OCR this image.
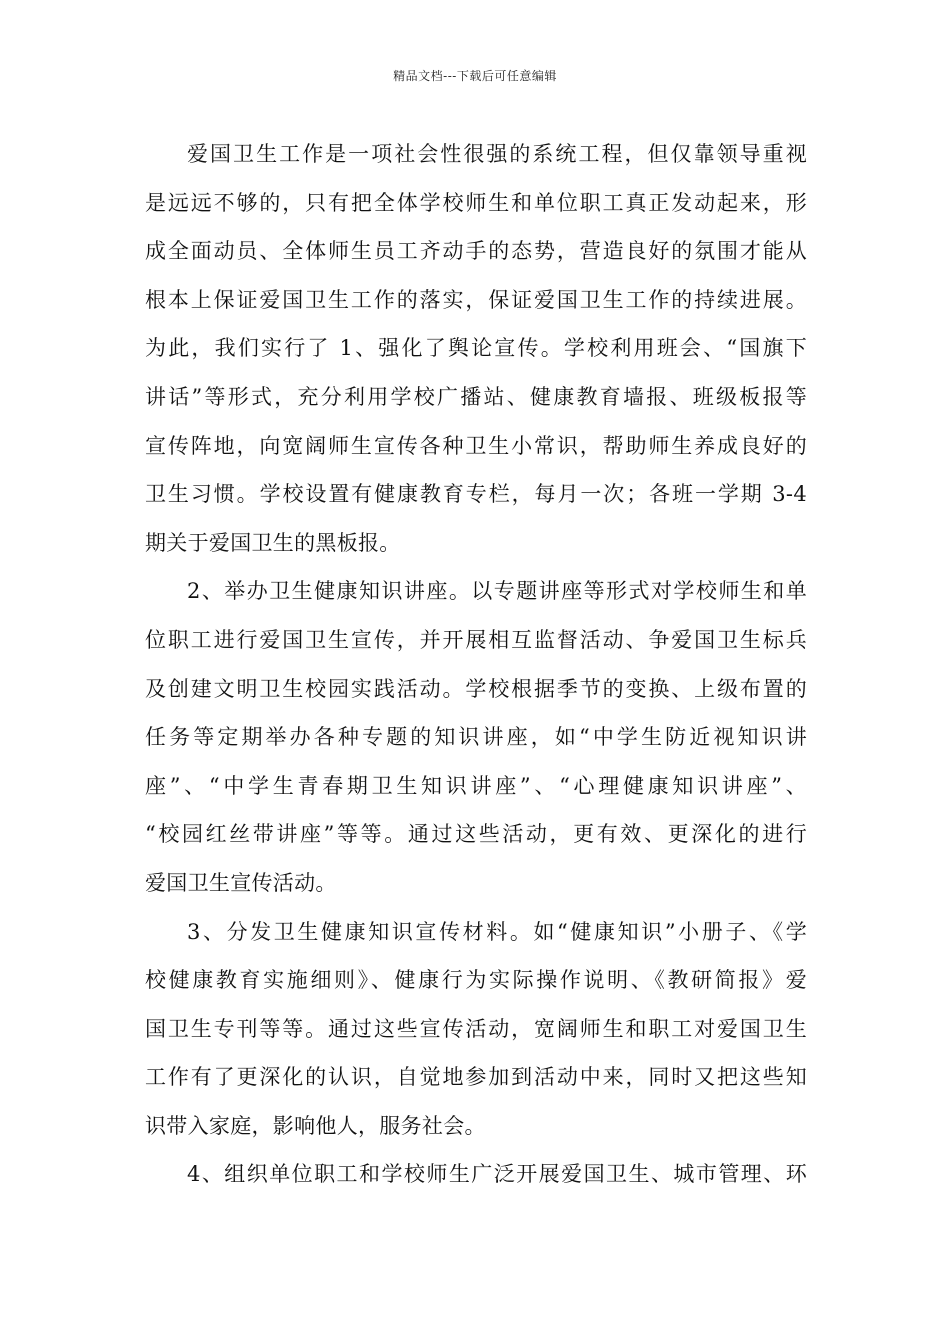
精品文档---下载后可任意编辑
爱国卫生工作是一项社会性很强的系统工程，但仅靠领导重视
是远远不够的，只有把全体学校师生和单位职工真正发动起来，形
成全面动员、全体师生员工齐动手的态势，营造良好的氛围才能从
根本上保证爱国卫生工作的落实，保证爱国卫生工作的持续进展。
为此，我们实行了 1、强化了舆论宣传。学校利用班会、“国旗下
讲话”等形式，充分利用学校广播站、健康教育墙报、班级板报等
宣传阵地，向宽阔师生宣传各种卫生小常识，帮助师生养成良好的
卫生习惯。学校设置有健康教育专栏，每月一次；各班一学期 3-4
期关于爱国卫生的黑板报。
2、举办卫生健康知识讲座。以专题讲座等形式对学校师生和单
位职工进行爱国卫生宣传，并开展相互监督活动、争爱国卫生标兵
及创建文明卫生校园实践活动。学校根据季节的变换、上级布置的
任务等定期举办各种专题的知识讲座，如“中学生防近视知识讲
座”、“中学生青春期卫生知识讲座”、“心理健康知识讲座”、
“校园红丝带讲座”等等。通过这些活动，更有效、更深化的进行
爱国卫生宣传活动。
3、分发卫生健康知识宣传材料。如“健康知识”小册子、《学
校健康教育实施细则》、健康行为实际操作说明、《教研简报》爱
国卫生专刊等等。通过这些宣传活动，宽阔师生和职工对爱国卫生
工作有了更深化的认识，自觉地参加到活动中来，同时又把这些知
识带入家庭，影响他人，服务社会。
4、组织单位职工和学校师生广泛开展爱国卫生、城市管理、环
